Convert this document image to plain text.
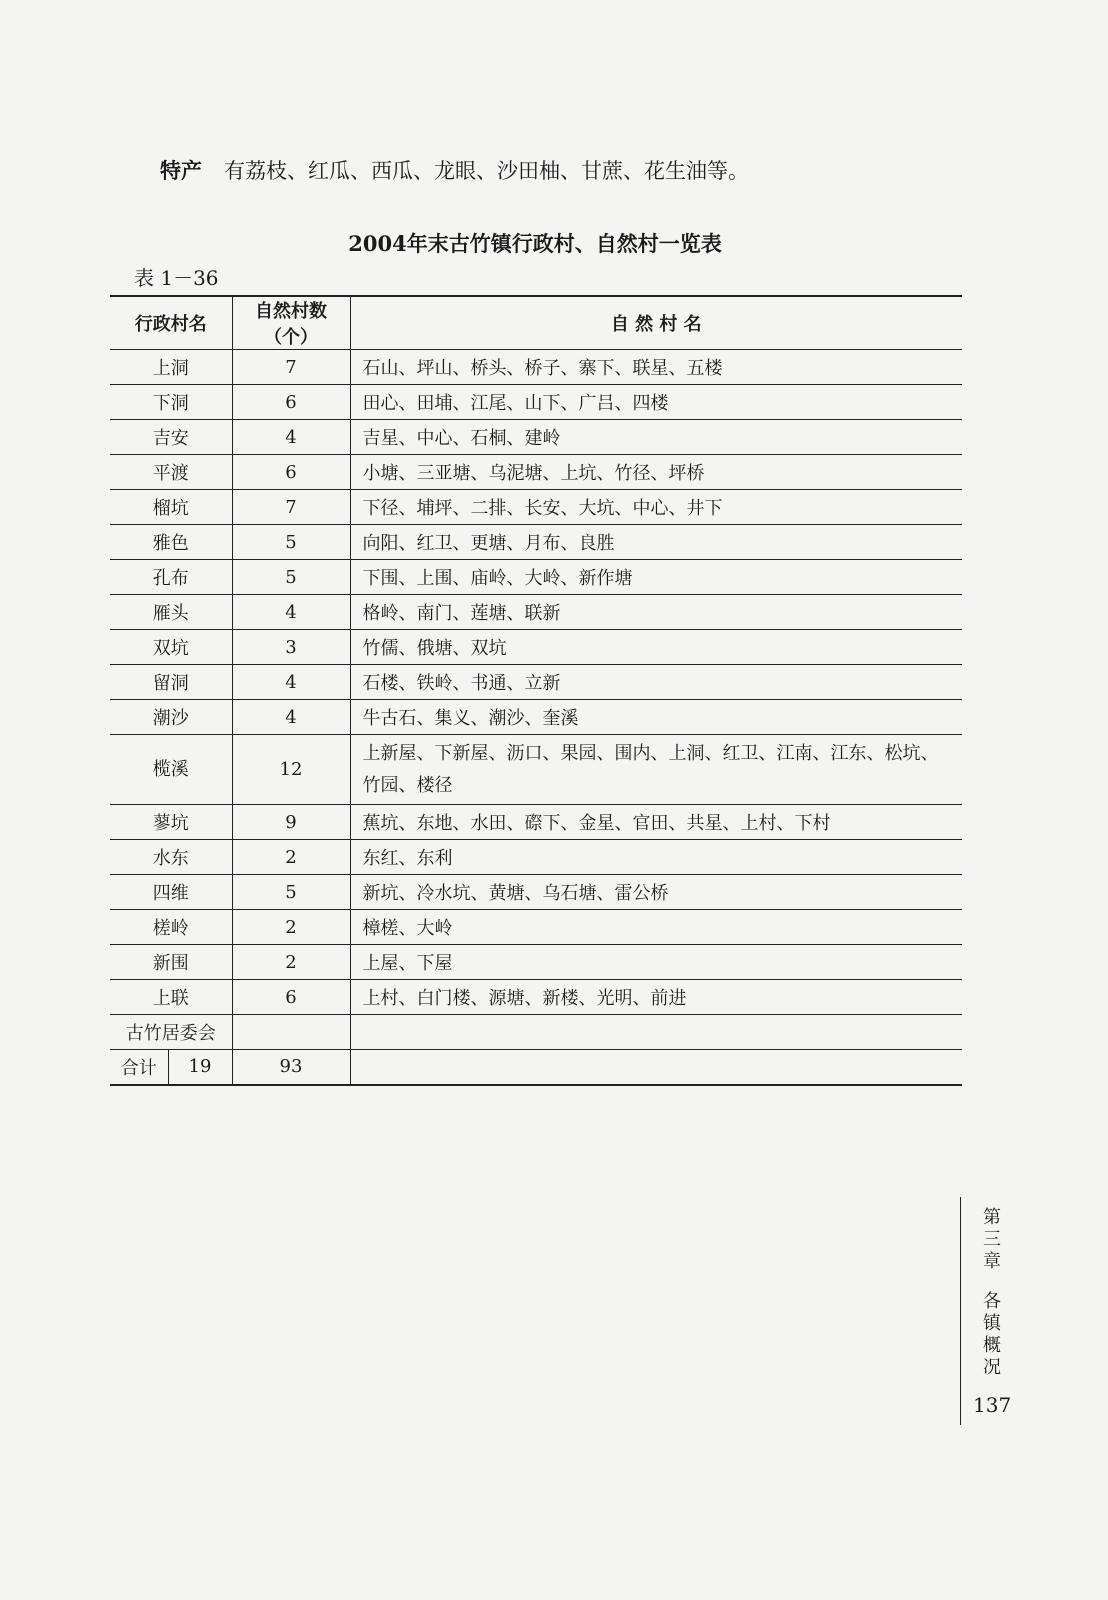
特产 有荔枝、红瓜、西瓜、龙眼、沙田柚、甘蔗、花生油等。
2004年末古竹镇行政村、自然村一览表
表 1－36
行政村名		自然村数（个）	自 然 村 名
上洞		7	石山、坪山、桥头、桥子、寨下、联星、五楼
下洞		6	田心、田埔、江尾、山下、广吕、四楼
吉安		4	吉星、中心、石桐、建岭
平渡		6	小塘、三亚塘、乌泥塘、上坑、竹径、坪桥
榴坑		7	下径、埔坪、二排、长安、大坑、中心、井下
雅色		5	向阳、红卫、更塘、月布、良胜
孔布		5	下围、上围、庙岭、大岭、新作塘
雁头		4	格岭、南门、莲塘、联新
双坑		3	竹儒、俄塘、双坑
留洞		4	石楼、铁岭、书通、立新
潮沙		4	牛古石、集义、潮沙、奎溪
榄溪		12	上新屋、下新屋、沥口、果园、围内、上洞、红卫、江南、江东、松坑、竹园、楼径
蓼坑		9	蕉坑、东地、水田、磜下、金星、官田、共星、上村、下村
水东		2	东红、东利
四维		5	新坑、冷水坑、黄塘、乌石塘、雷公桥
槎岭		2	樟槎、大岭
新围		2	上屋、下屋
上联		6	上村、白门楼、源塘、新楼、光明、前进
古竹居委会			
合计	19	93	
第
三
章
各
镇
概
况
137
